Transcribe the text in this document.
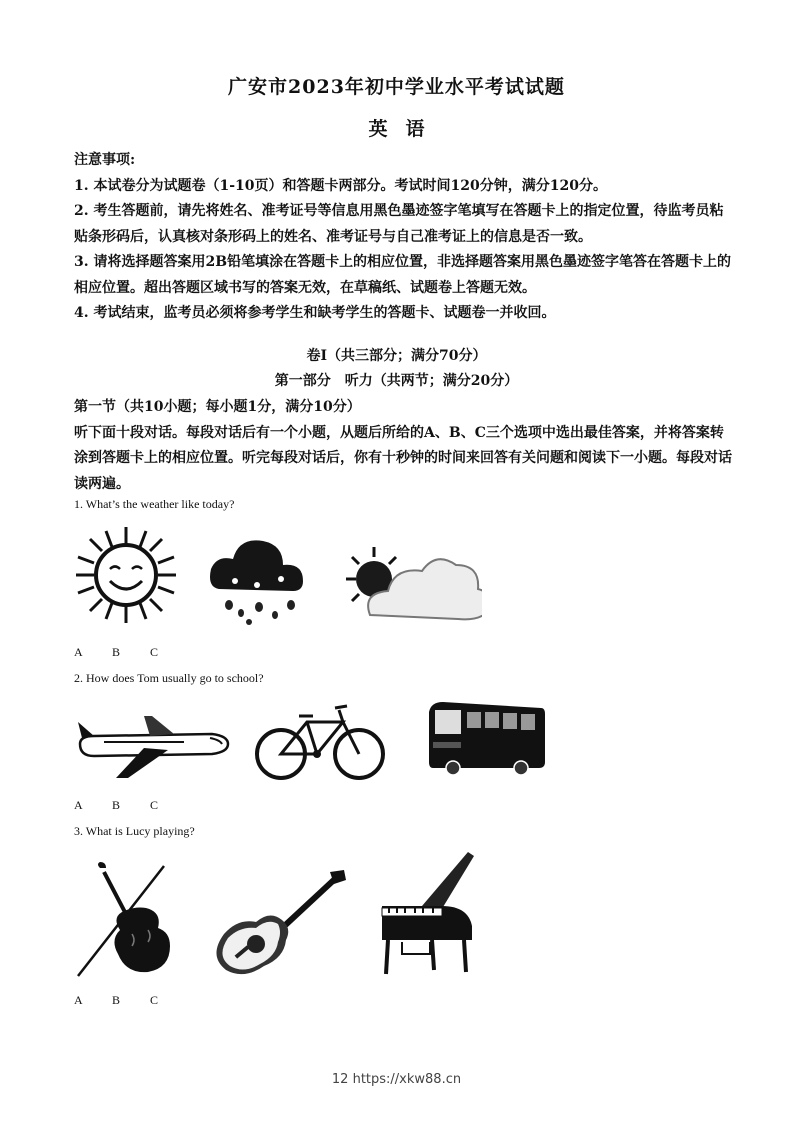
广安市2023年初中学业水平考试试题
英 语

注意事项:

1. 本试卷分为试题卷（1-10页）和答题卡两部分。考试时间120分钟，满分120分。

2. 考生答题前，请先将姓名、准考证号等信息用黑色墨迹签字笔填写在答题卡上的指定位置，待监考员粘贴条形码后，认真核对条形码上的姓名、准考证号与自己准考证上的信息是否一致。

3. 请将选择题答案用2B铅笔填涂在答题卡上的相应位置，非选择题答案用黑色墨迹签字笔答在答题卡上的相应位置。超出答题区域书写的答案无效，在草稿纸、试题卷上答题无效。

4. 考试结束，监考员必须将参考学生和缺考学生的答题卡、试题卷一并收回。

卷Ⅰ（共三部分；满分70分）
第一部分　听力（共两节；满分20分）

第一节（共10小题；每小题1分，满分10分）

听下面十段对话。每段对话后有一个小题，从题后所给的A、B、C三个选项中选出最佳答案，并将答案转涂到答题卡上的相应位置。听完每段对话后，你有十秒钟的时间来回答有关问题和阅读下一小题。每段对话读两遍。

1. What’s the weather like today?
A B C
2. How does Tom usually go to school?
A B C
3. What is Lucy playing?
A B C
12 https://xkw88.cn
